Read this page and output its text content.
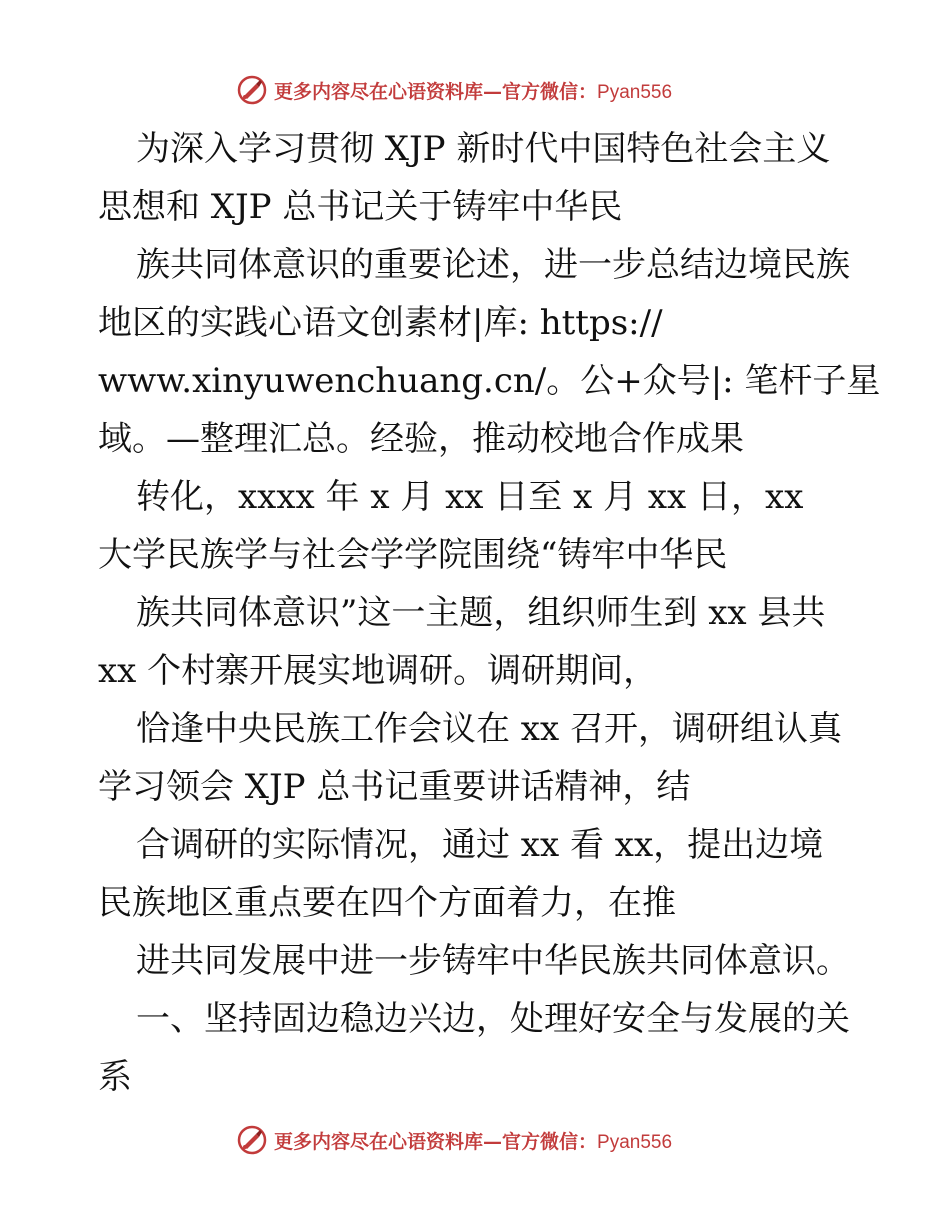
更多内容尽在心语资料库—官方微信：Pyan556
为深入学习贯彻 XJP 新时代中国特色社会主义
思想和 XJP 总书记关于铸牢中华民
族共同体意识的重要论述，进一步总结边境民族
地区的实践心语文创素材|库: https://
www.xinyuwenchuang.cn/。公+众号|: 笔杆子星
域。—整理汇总。经验，推动校地合作成果
转化，xxxx 年 x 月 xx 日至 x 月 xx 日，xx
大学民族学与社会学学院围绕“铸牢中华民
族共同体意识”这一主题，组织师生到 xx 县共
xx 个村寨开展实地调研。调研期间，
恰逢中央民族工作会议在 xx 召开，调研组认真
学习领会 XJP 总书记重要讲话精神，结
合调研的实际情况，通过 xx 看 xx，提出边境
民族地区重点要在四个方面着力，在推
进共同发展中进一步铸牢中华民族共同体意识。
一、坚持固边稳边兴边，处理好安全与发展的关
系
更多内容尽在心语资料库—官方微信：Pyan556
